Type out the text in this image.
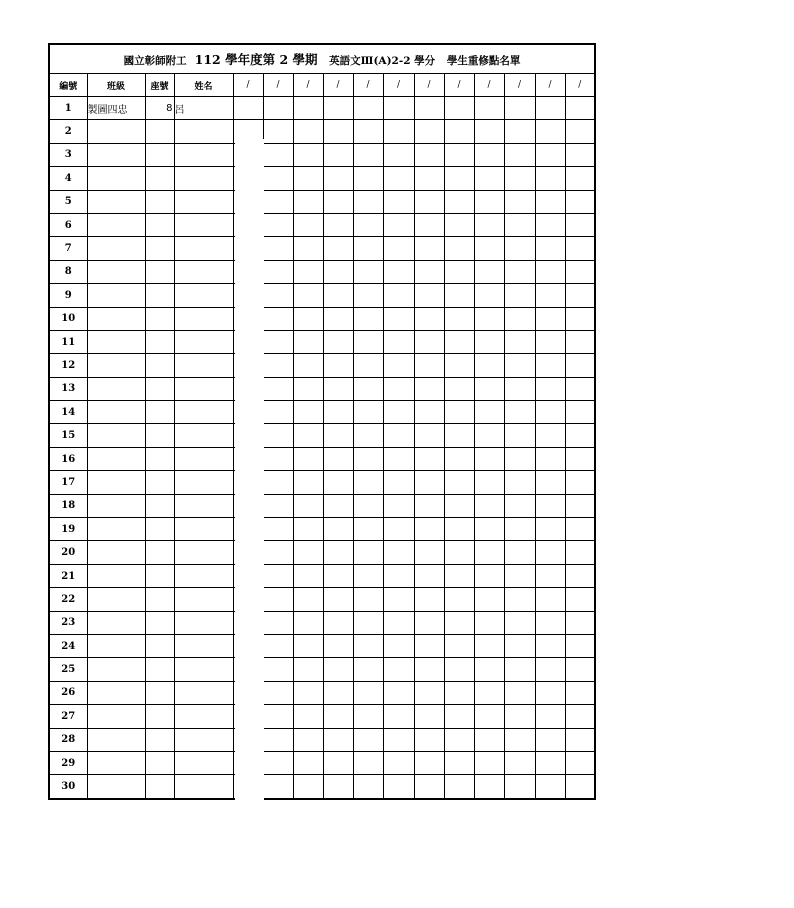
國立彰師附工 112 學年度第 2 學期 英語文Ⅲ(A)2-2 學分 學生重修點名單															
編號	班級	座號	姓名	/	/	/	/	/	/	/	/	/	/	/	/
1	製圖四忠	8	呂												
2															
3															
4															
5															
6															
7															
8															
9															
10															
11															
12															
13															
14															
15															
16															
17															
18															
19															
20															
21															
22															
23															
24															
25															
26															
27															
28															
29															
30															
